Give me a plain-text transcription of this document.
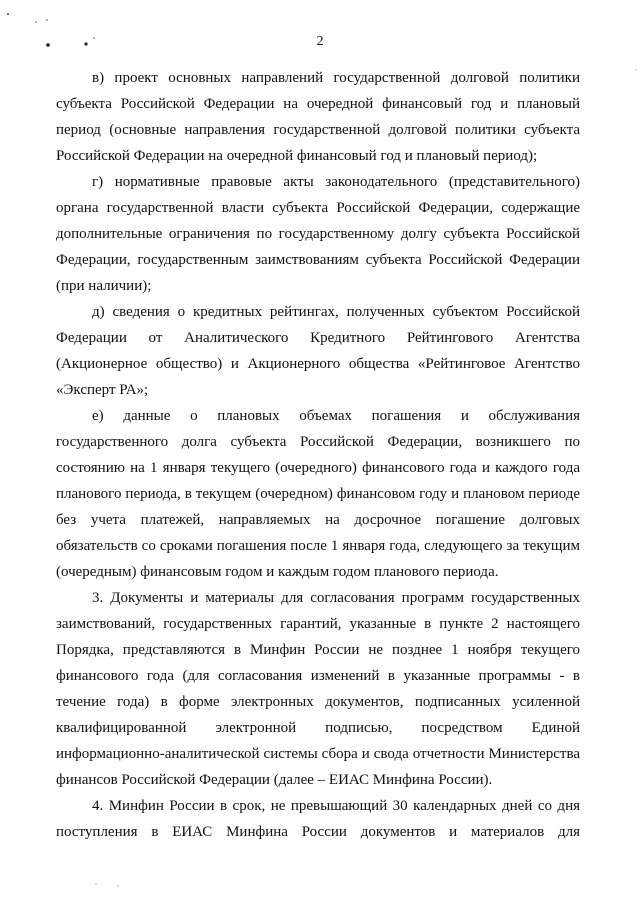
2

в) проект основных направлений государственной долговой политики субъекта Российской Федерации на очередной финансовый год и плановый период (основные направления государственной долговой политики субъекта Российской Федерации на очередной финансовый год и плановый период);

г) нормативные правовые акты законодательного (представительного) органа государственной власти субъекта Российской Федерации, содержащие дополнительные ограничения по государственному долгу субъекта Российской Федерации, государственным заимствованиям субъекта Российской Федерации (при наличии);

д) сведения о кредитных рейтингах, полученных субъектом Российской Федерации от Аналитического Кредитного Рейтингового Агентства (Акционерное общество) и Акционерного общества «Рейтинговое Агентство «Эксперт РА»;

е) данные о плановых объемах погашения и обслуживания государственного долга субъекта Российской Федерации, возникшего по состоянию на 1 января текущего (очередного) финансового года и каждого года планового периода, в текущем (очередном) финансовом году и плановом периоде без учета платежей, направляемых на досрочное погашение долговых обязательств со сроками погашения после 1 января года, следующего за текущим (очередным) финансовым годом и каждым годом планового периода.

3. Документы и материалы для согласования программ государственных заимствований, государственных гарантий, указанные в пункте 2 настоящего Порядка, представляются в Минфин России не позднее 1 ноября текущего финансового года (для согласования изменений в указанные программы - в течение года) в форме электронных документов, подписанных усиленной квалифицированной электронной подписью, посредством Единой информационно-аналитической системы сбора и свода отчетности Министерства финансов Российской Федерации (далее – ЕИАС Минфина России).

4. Минфин России в срок, не превышающий 30 календарных дней со дня поступления в ЕИАС Минфина России документов и материалов для
